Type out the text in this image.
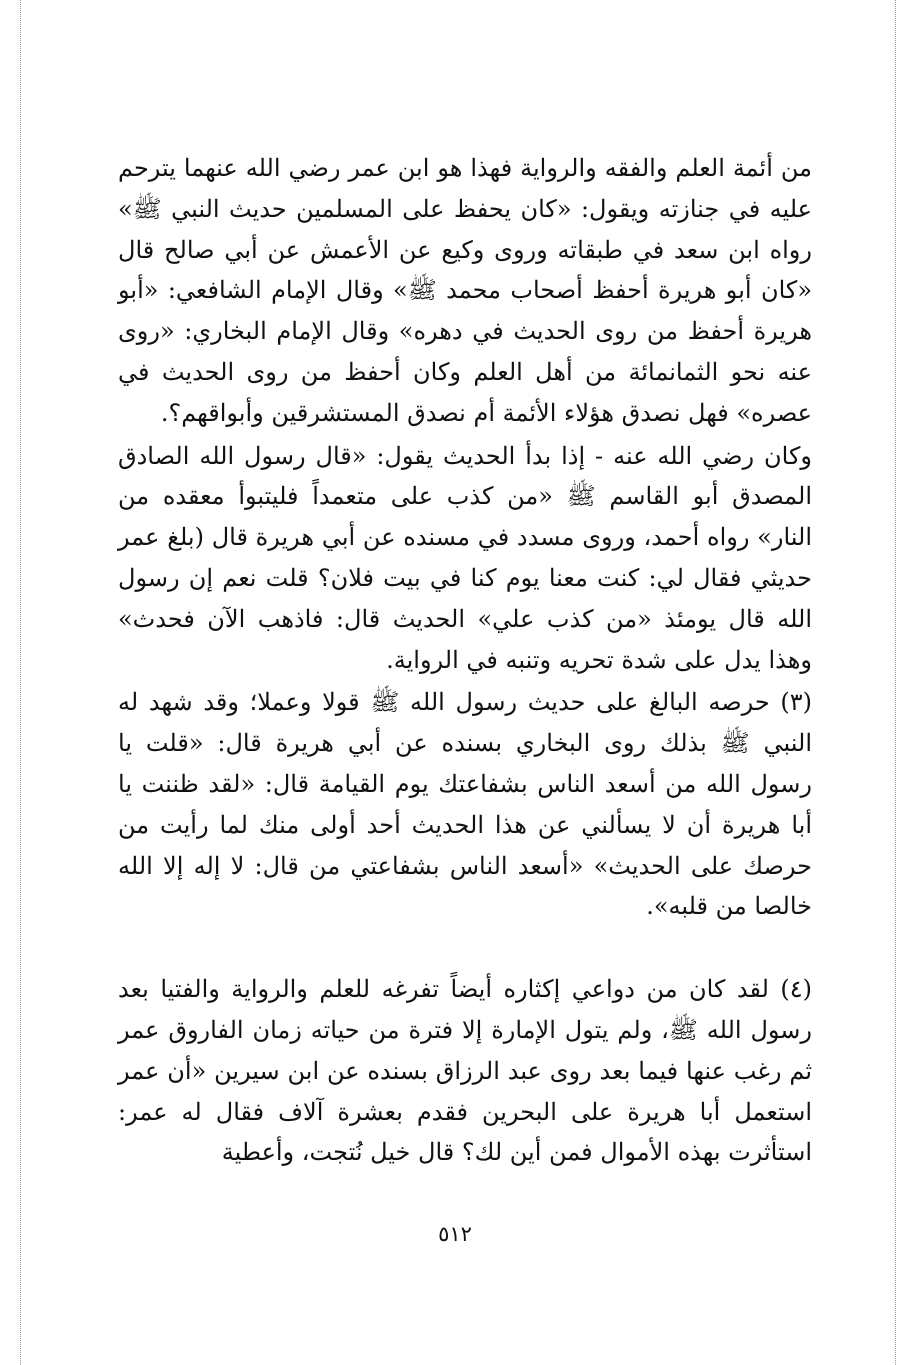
من أئمة العلم والفقه والرواية فهذا هو ابن عمر رضي الله عنهما يترحم عليه في جنازته ويقول: «كان يحفظ على المسلمين حديث النبي ﷺ» رواه ابن سعد في طبقاته وروى وكيع عن الأعمش عن أبي صالح قال «كان أبو هريرة أحفظ أصحاب محمد ﷺ» وقال الإمام الشافعي: «أبو هريرة أحفظ من روى الحديث في دهره» وقال الإمام البخاري: «روى عنه نحو الثمانمائة من أهل العلم وكان أحفظ من روى الحديث في عصره» فهل نصدق هؤلاء الأئمة أم نصدق المستشرقين وأبواقهم؟.

وكان رضي الله عنه - إذا بدأ الحديث يقول: «قال رسول الله الصادق المصدق أبو القاسم ﷺ «من كذب على متعمداً فليتبوأ معقده من النار» رواه أحمد، وروى مسدد في مسنده عن أبي هريرة قال (بلغ عمر حديثي فقال لي: كنت معنا يوم كنا في بيت فلان؟ قلت نعم إن رسول الله قال يومئذ «من كذب علي» الحديث قال: فاذهب الآن فحدث» وهذا يدل على شدة تحريه وتنبه في الرواية.

(٣) حرصه البالغ على حديث رسول الله ﷺ قولا وعملا؛ وقد شهد له النبي ﷺ بذلك روى البخاري بسنده عن أبي هريرة قال: «قلت يا رسول الله من أسعد الناس بشفاعتك يوم القيامة قال: «لقد ظننت يا أبا هريرة أن لا يسألني عن هذا الحديث أحد أولى منك لما رأيت من حرصك على الحديث» «أسعد الناس بشفاعتي من قال: لا إله إلا الله خالصا من قلبه».

(٤) لقد كان من دواعي إكثاره أيضاً تفرغه للعلم والرواية والفتيا بعد رسول الله ﷺ، ولم يتول الإمارة إلا فترة من حياته زمان الفاروق عمر ثم رغب عنها فيما بعد روى عبد الرزاق بسنده عن ابن سيرين «أن عمر استعمل أبا هريرة على البحرين فقدم بعشرة آلاف فقال له عمر: استأثرت بهذه الأموال فمن أين لك؟ قال خيل نُتجت، وأعطية

٥١٢
